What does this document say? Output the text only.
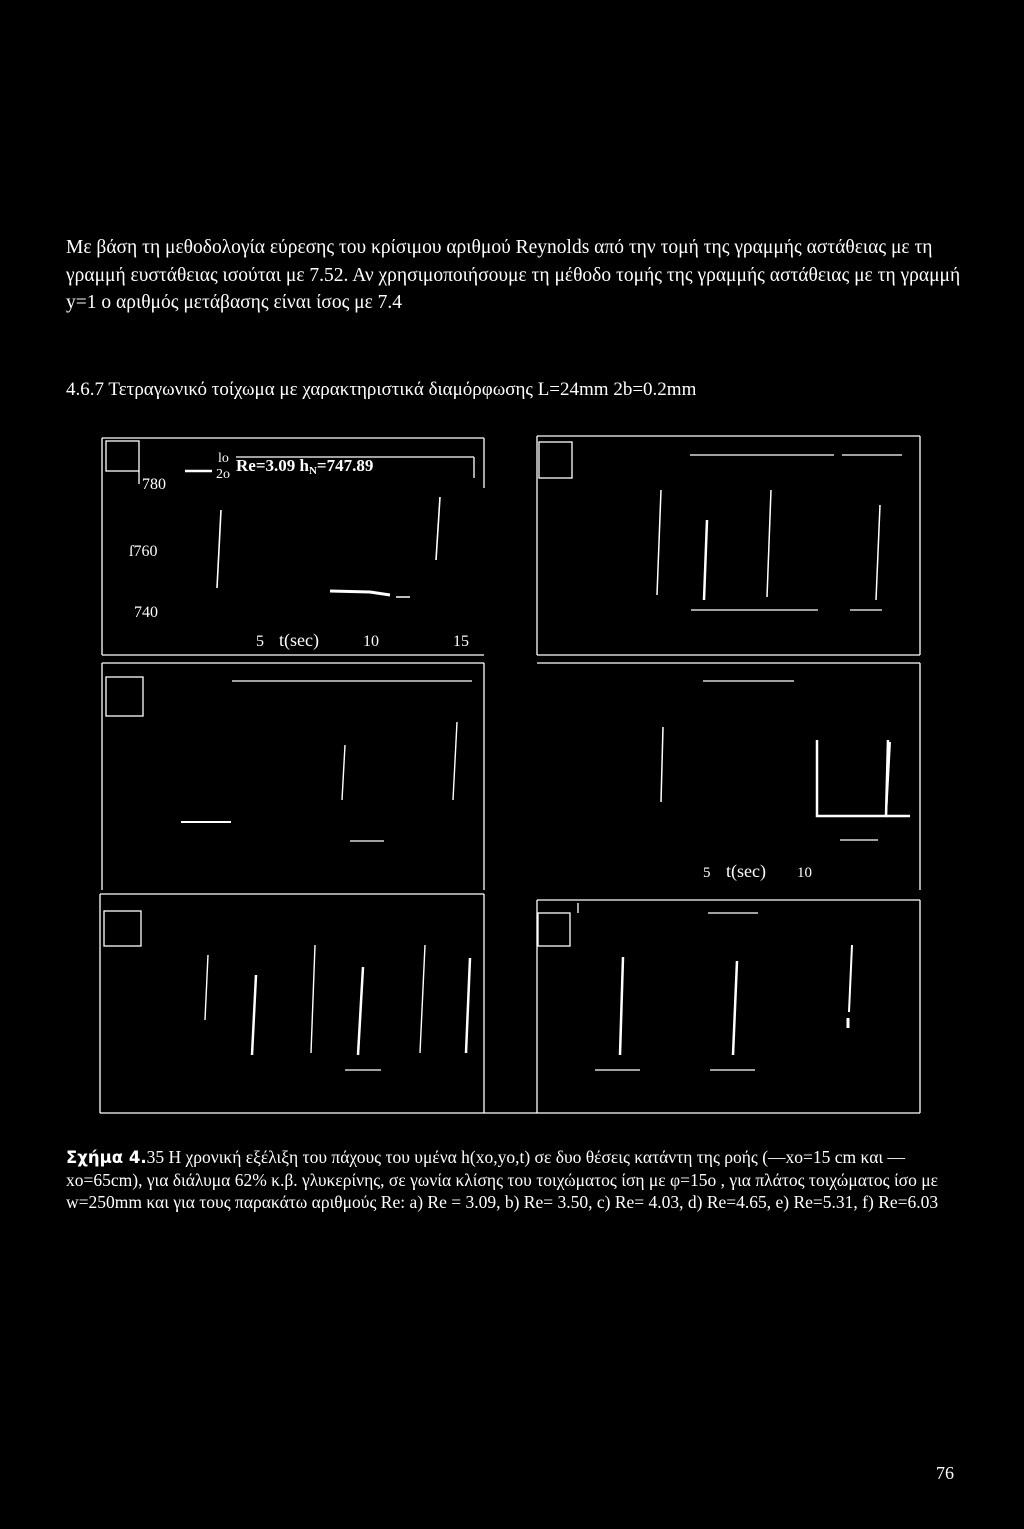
Με βάση τη μεθοδολογία εύρεσης του κρίσιμου αριθμού Reynolds από την τομή της γραμμής αστάθειας με τη γραμμή ευστάθειας ισούται με 7.52. Αν χρησιμοποιήσουμε τη μέθοδο τομής της γραμμής αστάθειας με τη γραμμή y=1 ο αριθμός μετάβασης είναι ίσος με 7.4
4.6.7 Τετραγωνικό τοίχωμα με χαρακτηριστικά διαμόρφωσης L=24mm 2b=0.2mm
lo
2o Re=3.09 hN=747.89
780
ſ760
740
5 t(sec)	10	15
5 t(sec) 10
Σχήμα 4.35 Η χρονική εξέλιξη του πάχους του υμένα h(xo,yo,t) σε δυο θέσεις κατάντη της ροής (—xo=15 cm και — xo=65cm), για διάλυμα 62% κ.β. γλυκερίνης, σε γωνία κλίσης του τοιχώματος ίση με φ=15o , για πλάτος τοιχώματος ίσο με w=250mm και για τους παρακάτω αριθμούς Re: a) Re = 3.09, b) Re= 3.50, c) Re= 4.03, d) Re=4.65, e) Re=5.31, f) Re=6.03
76
